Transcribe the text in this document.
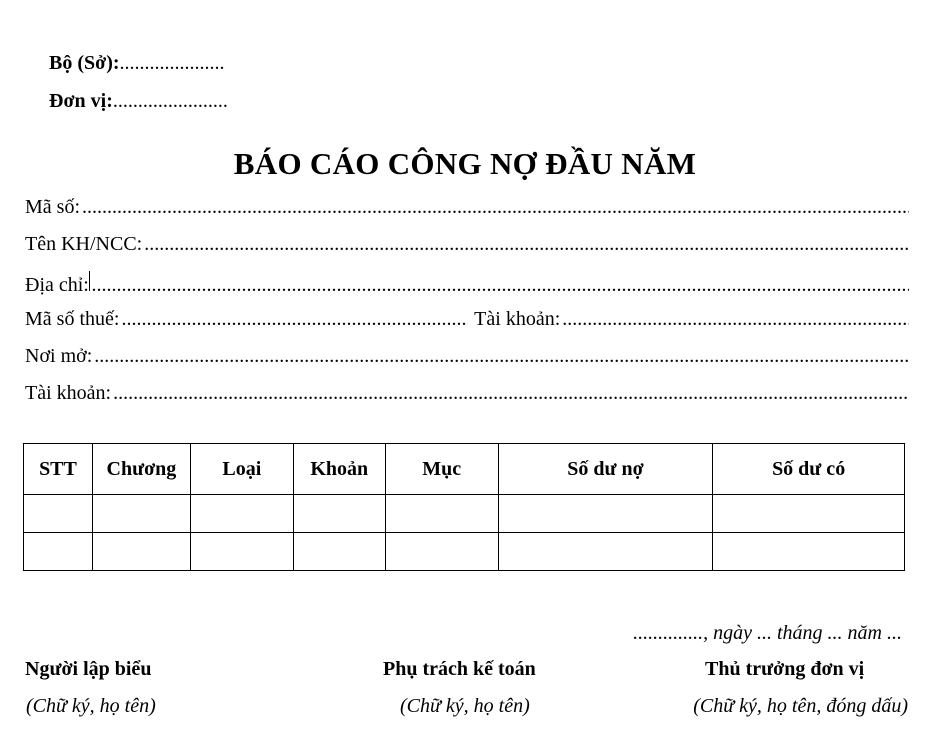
Bộ (Sở):.....................
Đơn vị:.......................
BÁO CÁO CÔNG NỢ ĐẦU NĂM
Mã số:
.....
Tên KH/NCC:
.....
Địa chỉ:
.....
Mã số thuế: .....	Tài khoản:
.....
Nơi mở:
.....
Tài khoản:
.....
STT	Chương	Loại	Khoản	Mục	Số dư nợ	Số dư có

.............., ngày ... tháng ... năm ...
Người lập biểu
(Chữ ký, họ tên)
Phụ trách kế toán
(Chữ ký, họ tên)
Thủ trưởng đơn vị
(Chữ ký, họ tên, đóng dấu)
